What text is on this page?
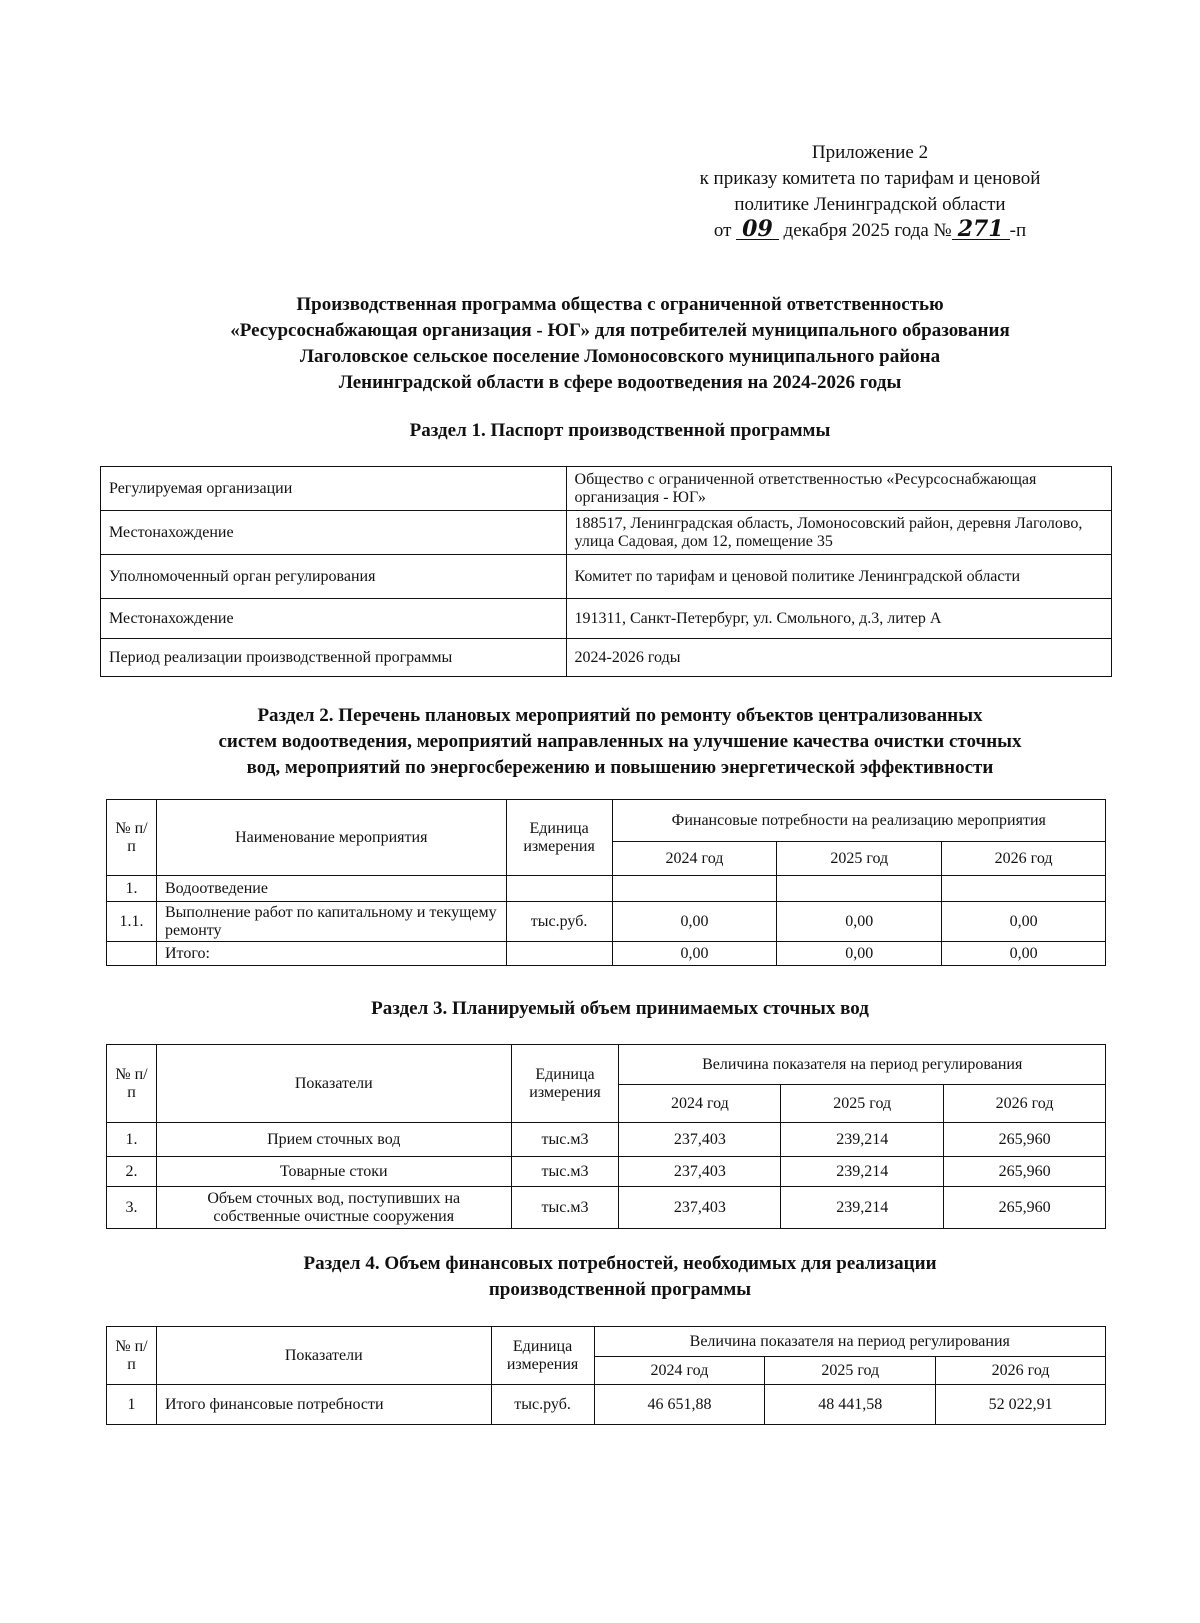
Приложение 2
к приказу комитета по тарифам и ценовой
политике Ленинградской области
от 09 декабря 2025 года № 271 -п
Производственная программа общества с ограниченной ответственностью
«Ресурсоснабжающая организация - ЮГ» для потребителей муниципального образования
Лаголовское сельское поселение Ломоносовского муниципального района
Ленинградской области в сфере водоотведения на 2024-2026 годы
Раздел 1. Паспорт производственной программы
Регулируемая организации	Общество с ограниченной ответственностью «Ресурсоснабжающая организация - ЮГ»
Местонахождение	188517, Ленинградская область, Ломоносовский район, деревня Лаголово, улица Садовая, дом 12, помещение 35
Уполномоченный орган регулирования	Комитет по тарифам и ценовой политике Ленинградской области
Местонахождение	191311, Санкт-Петербург, ул. Смольного, д.3, литер А
Период реализации производственной программы	2024-2026 годы
Раздел 2. Перечень плановых мероприятий по ремонту объектов централизованных
систем водоотведения, мероприятий направленных на улучшение качества очистки сточных
вод, мероприятий по энергосбережению и повышению энергетической эффективности
№ п/п	Наименование мероприятия	Единица измерения	Финансовые потребности на реализацию мероприятия		
			2024 год	2025 год	2026 год
1.	Водоотведение				
1.1.	Выполнение работ по капитальному и текущему ремонту	тыс.руб.	0,00	0,00	0,00
	Итого:		0,00	0,00	0,00
Раздел 3. Планируемый объем принимаемых сточных вод
№ п/п	Показатели	Единица измерения	Величина показателя на период регулирования		
			2024 год	2025 год	2026 год
1.	Прием сточных вод	тыс.м3	237,403	239,214	265,960
2.	Товарные стоки	тыс.м3	237,403	239,214	265,960
3.	Объем сточных вод, поступивших на собственные очистные сооружения	тыс.м3	237,403	239,214	265,960
Раздел 4. Объем финансовых потребностей, необходимых для реализации
производственной программы
№ п/п	Показатели	Единица измерения	Величина показателя на период регулирования		
			2024 год	2025 год	2026 год
1	Итого финансовые потребности	тыс.руб.	46 651,88	48 441,58	52 022,91
